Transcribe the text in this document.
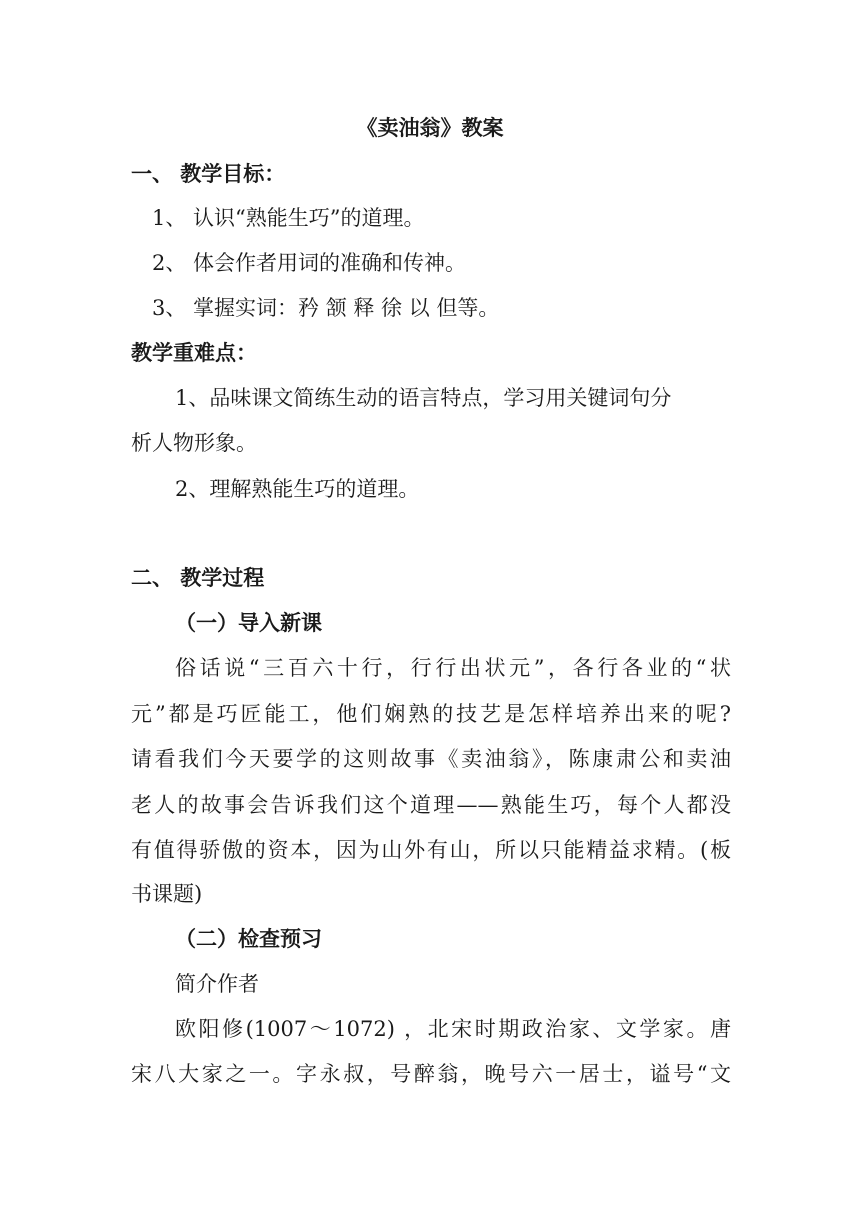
《卖油翁》教案
一、 教学目标：
1、 认识“熟能生巧”的道理。
2、 体会作者用词的准确和传神。
3、 掌握实词：矜 颔 释 徐 以 但等。
教学重难点：
1、品味课文简练生动的语言特点，学习用关键词句分
析人物形象。
2、理解熟能生巧的道理。
二、 教学过程
（一）导入新课
俗话说“三百六十行，行行出状元”，各行各业的“状
元”都是巧匠能工，他们娴熟的技艺是怎样培养出来的呢?
请看我们今天要学的这则故事《卖油翁》，陈康肃公和卖油
老人的故事会告诉我们这个道理——熟能生巧，每个人都没
有值得骄傲的资本，因为山外有山，所以只能精益求精。(板
书课题)
（二）检查预习
简介作者
欧阳修(1007～1072) ，北宋时期政治家、文学家。唐
宋八大家之一。字永叔，号醉翁，晚号六一居士，谥号“文
